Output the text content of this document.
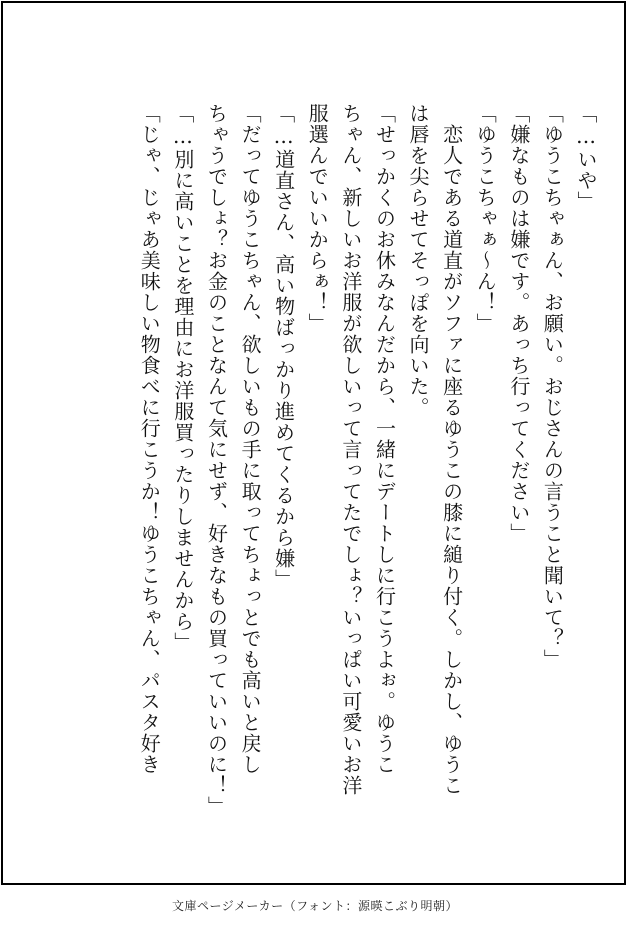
「…いや」
「ゆうこちゃぁん、お願い。おじさんの言うこと聞いて？」
「嫌なものは嫌です。あっち行ってください」
「ゆうこちゃぁ～ん！」
　恋人である道直がソファに座るゆうこの膝に縋り付く。しかし、ゆうこ
は唇を尖らせてそっぽを向いた。
「せっかくのお休みなんだから、一緒にデートしに行こうよぉ。ゆうこ
ちゃん、新しいお洋服が欲しいって言ってたでしょ？いっぱい可愛いお洋
服選んでいいからぁ！」
「…道直さん、高い物ばっかり進めてくるから嫌」
「だってゆうこちゃん、欲しいもの手に取ってちょっとでも高いと戻し
ちゃうでしょ？お金のことなんて気にせず、好きなもの買っていいのに！」
「…別に高いことを理由にお洋服買ったりしませんから」
「じゃ、じゃあ美味しい物食べに行こうか！ゆうこちゃん、パスタ好き
文庫ページメーカー（フォント：源暎こぶり明朝）
